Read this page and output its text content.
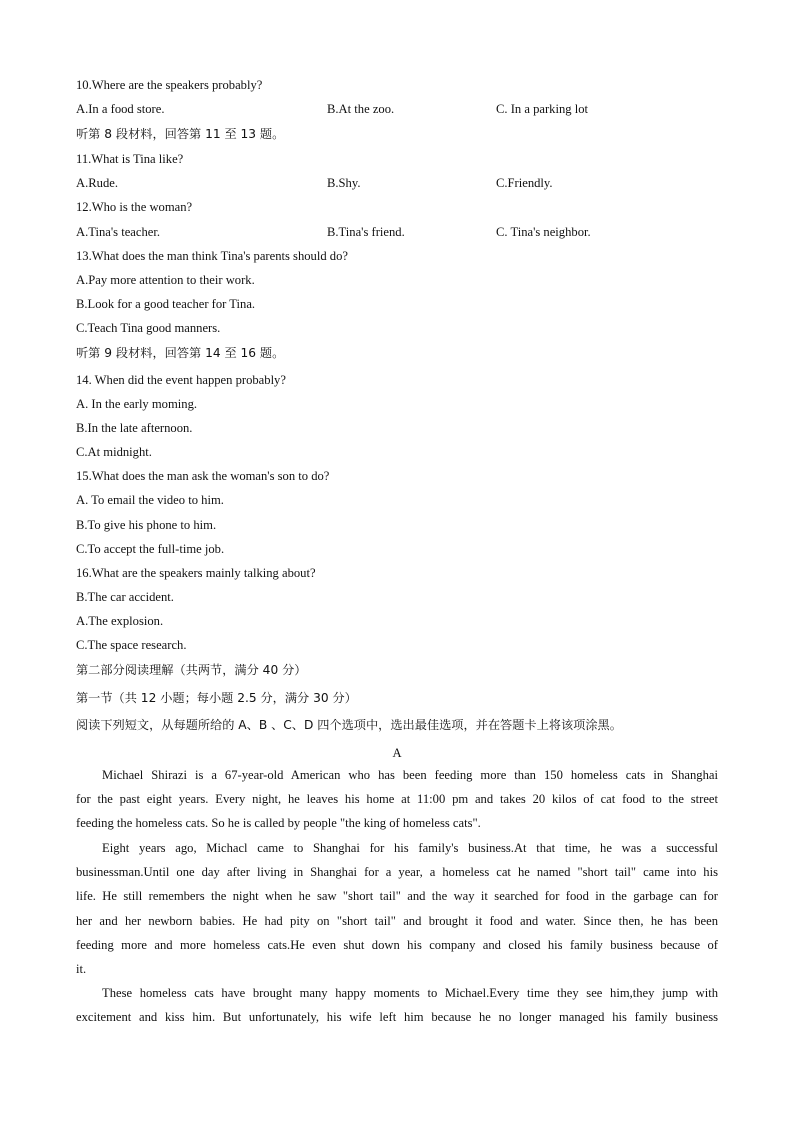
10.Where are the speakers probably?
A.In a food store.	B.At the zoo.	C. In a parking lot
听第 8 段材料，回答第 11 至 13 题。
11.What is Tina like?
A.Rude.	B.Shy.	C.Friendly.
12.Who is the woman?
A.Tina's teacher.	B.Tina's friend.	C. Tina's neighbor.
13.What does the man think Tina's parents should do?
A.Pay more attention to their work.
B.Look for a good teacher for Tina.
C.Teach Tina good manners.
听第 9 段材料，回答第 14 至 16 题。
14. When did the event happen probably?
A. In the early moming.
B.In the late afternoon.
C.At midnight.
15.What does the man ask the woman's son to do?
A. To email the video to him.
B.To give his phone to him.
C.To accept the full-time job.
16.What are the speakers mainly talking about?
B.The car accident.
A.The explosion.
C.The space research.
第二部分阅读理解（共两节，满分 40 分）
第一节（共 12 小题；每小题 2.5 分，满分 30 分）
阅读下列短文，从每题所给的 A、B 、C、D 四个选项中，选出最佳选项，并在答题卡上将该项涂黑。
A
Michael Shirazi is a 67-year-old American who has been feeding more than 150 homeless cats in Shanghai
for the past eight years. Every night, he leaves his home at 11:00 pm and takes 20 kilos of cat food to the street
feeding the homeless cats. So he is called by people "the king of homeless cats".
Eight years ago, Michacl came to Shanghai for his family's business.At that time, he was a successful
businessman.Until one day after living in Shanghai for a year, a homeless cat he named "short tail" came into his
life. He still remembers the night when he saw "short tail" and the way it searched for food in the garbage can for
her and her newborn babies. He had pity on "short tail" and brought it food and water. Since then, he has been
feeding more and more homeless cats.He even shut down his company and closed his family business because of
it.
These homeless cats have brought many happy moments to Michael.Every time they see him,they jump with
excitement and kiss him. But unfortunately, his wife left him because he no longer managed his family business
